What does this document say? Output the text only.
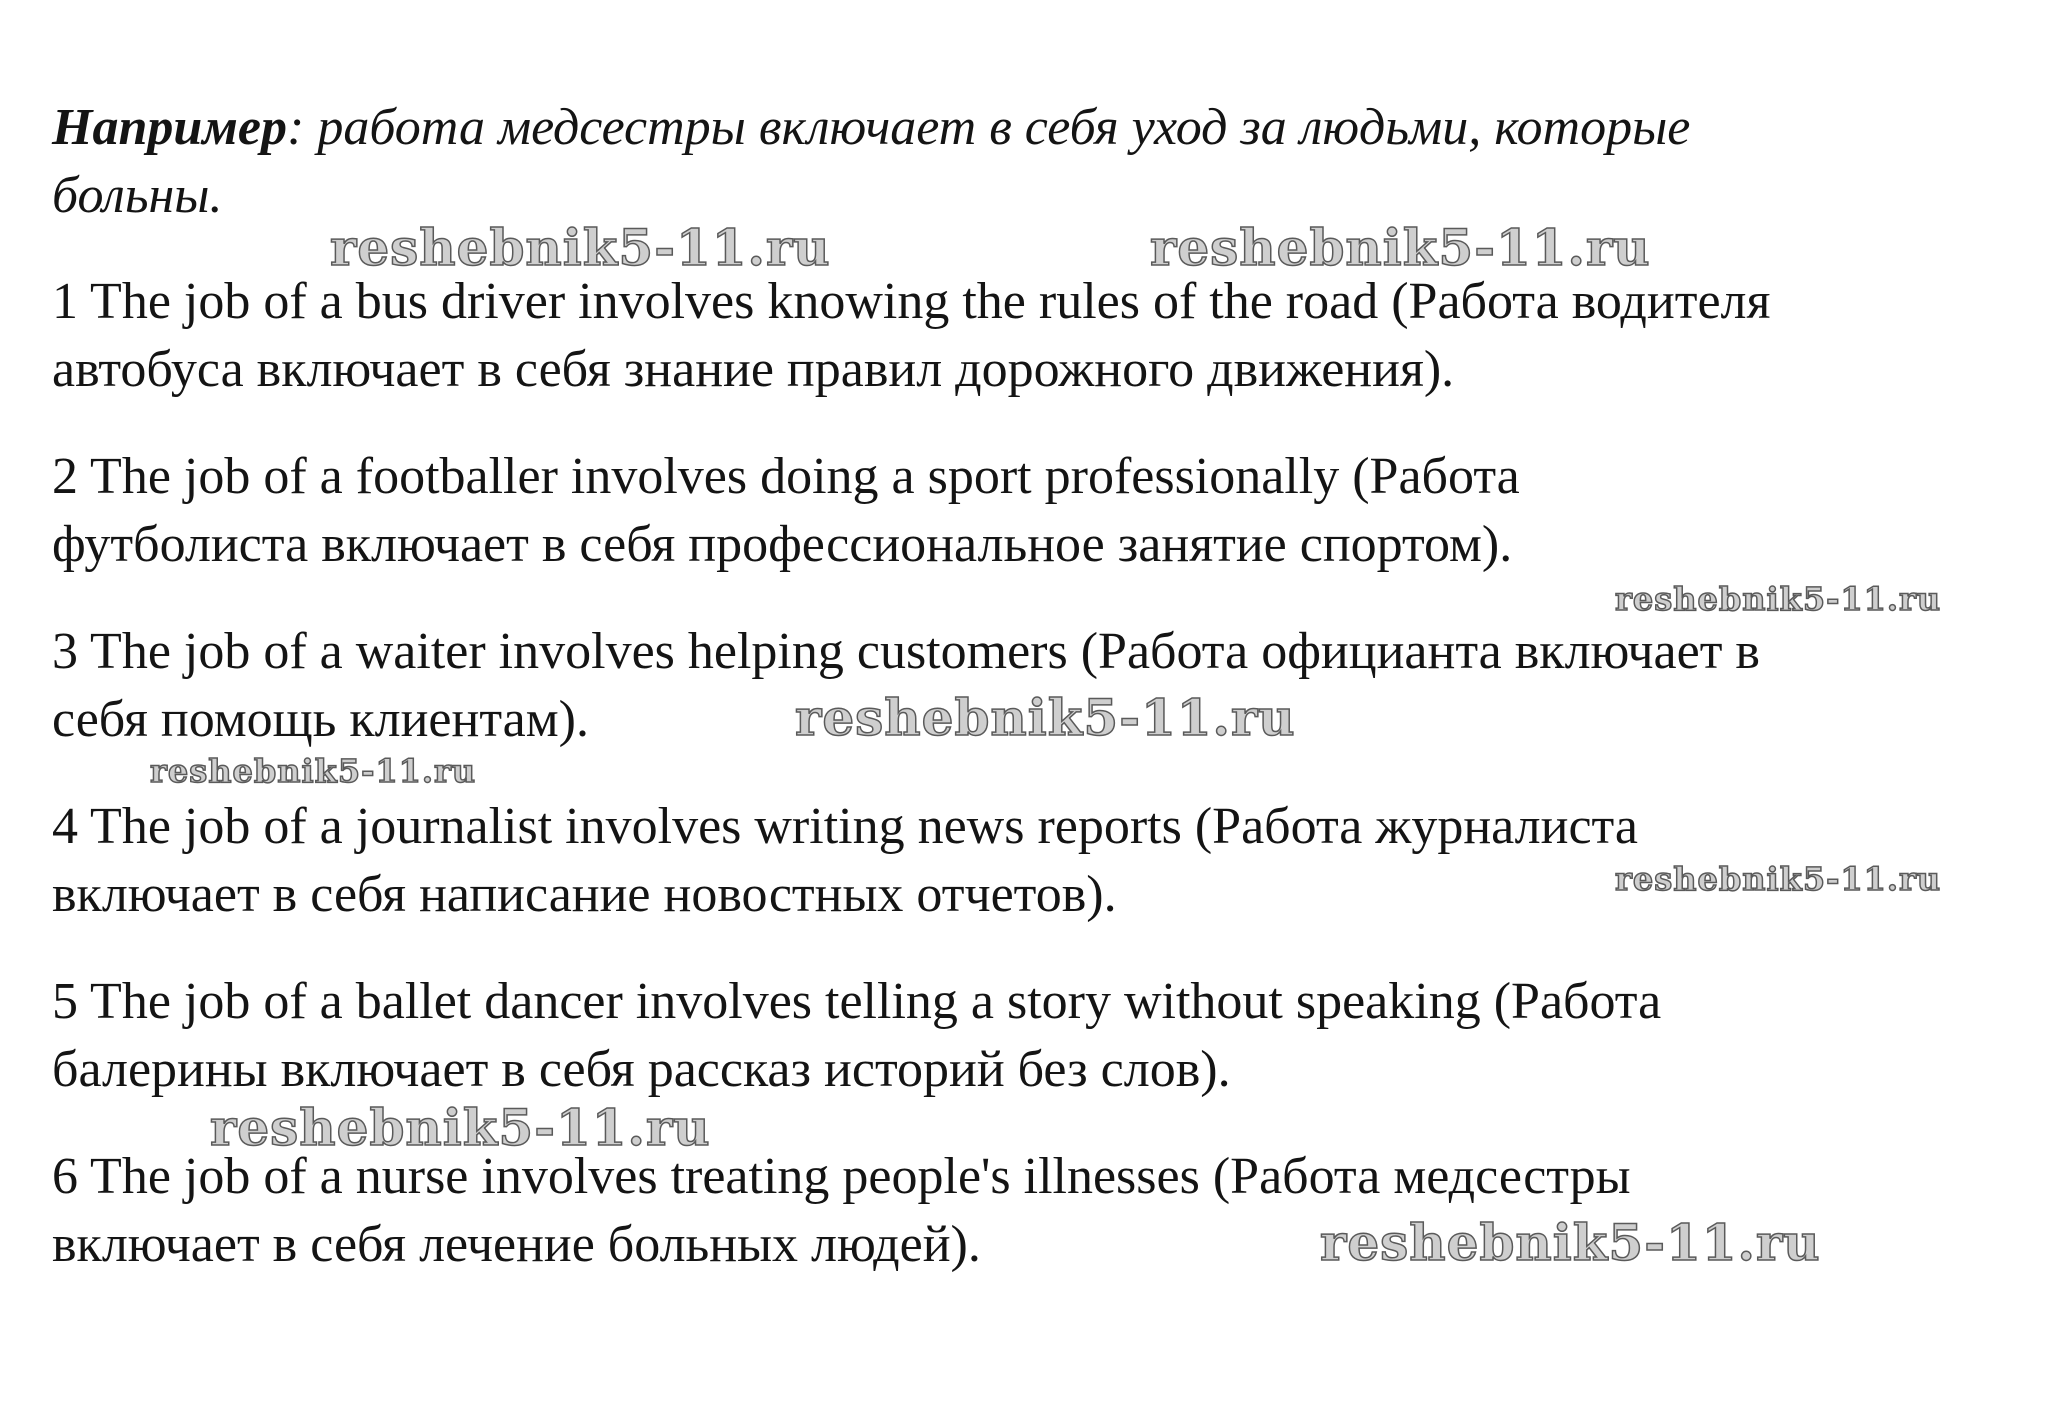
Например: работа медсестры включает в себя уход за людьми, которые
больны.
1 The job of a bus driver involves knowing the rules of the road (Работа водителя
автобуса включает в себя знание правил дорожного движения).
2 The job of a footballer involves doing a sport professionally (Работа
футболиста включает в себя профессиональное занятие спортом).
3 The job of a waiter involves helping customers (Работа официанта включает в
себя помощь клиентам).
4 The job of a journalist involves writing news reports (Работа журналиста
включает в себя написание новостных отчетов).
5 The job of a ballet dancer involves telling a story without speaking (Работа
балерины включает в себя рассказ историй без слов).
6 The job of a nurse involves treating people's illnesses (Работа медсестры
включает в себя лечение больных людей).
reshebnik5-11.ru	reshebnik5-11.ru
reshebnik5-11.ru
reshebnik5-11.ru
reshebnik5-11.ru
reshebnik5-11.ru
reshebnik5-11.ru
reshebnik5-11.ru
